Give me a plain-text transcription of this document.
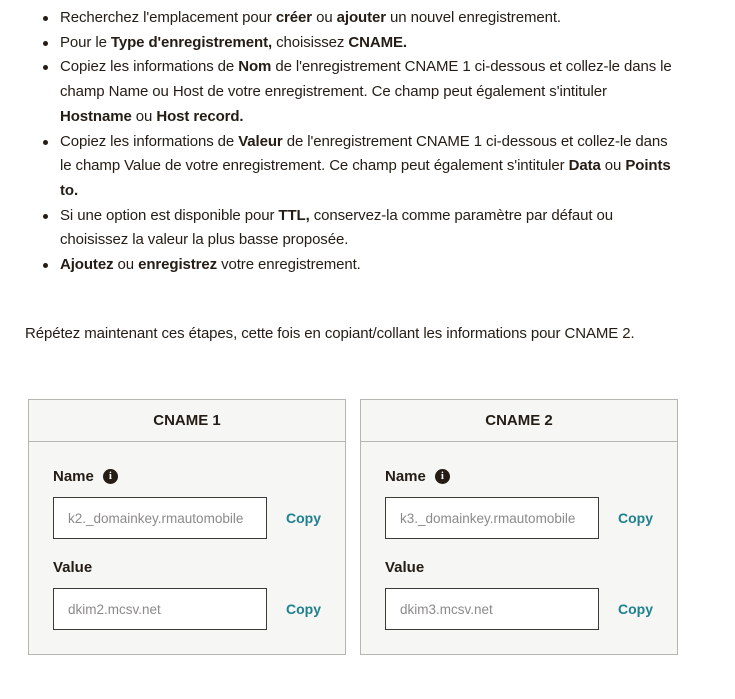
Recherchez l'emplacement pour créer ou ajouter un nouvel enregistrement.
Pour le Type d'enregistrement, choisissez CNAME.
Copiez les informations de Nom de l'enregistrement CNAME 1 ci-dessous et collez-le dans le champ Name ou Host de votre enregistrement. Ce champ peut également s'intituler Hostname ou Host record.
Copiez les informations de Valeur de l'enregistrement CNAME 1 ci-dessous et collez-le dans le champ Value de votre enregistrement. Ce champ peut également s'intituler Data ou Points to.
Si une option est disponible pour TTL, conservez-la comme paramètre par défaut ou choisissez la valeur la plus basse proposée.
Ajoutez ou enregistrez votre enregistrement.

Répétez maintenant ces étapes, cette fois en copiant/collant les informations pour CNAME 2.

CNAME 1
Name	i
k2._domainkey.rmautomobile
Copy
Value
dkim2.mcsv.net
Copy
CNAME 2
Name	i
k3._domainkey.rmautomobile
Copy
Value
dkim3.mcsv.net
Copy
